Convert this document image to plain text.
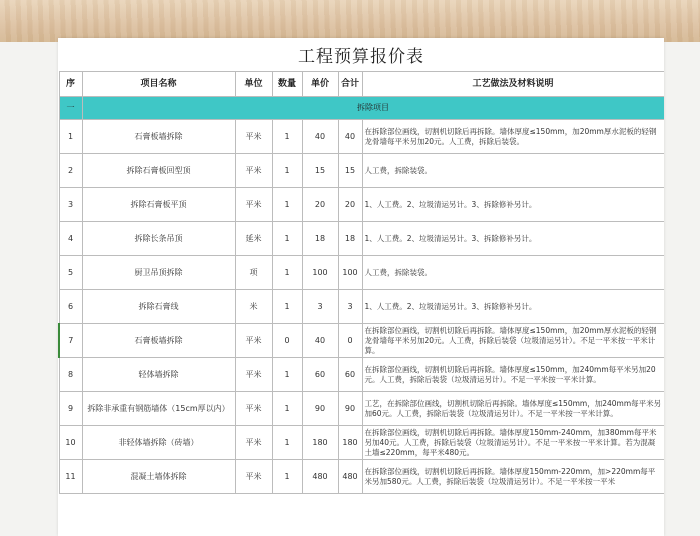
工程预算报价表
序	项目名称	单位	数量	单价	合计	工艺做法及材料说明
一	拆除项目					
1	石膏板墙拆除	平米	1	40	40	在拆除部位画线，切割机切除后再拆除。墙体厚度≤150mm，加20mm厚水泥板的轻钢龙骨墙每平米另加20元。人工费，拆除后装袋。
2	拆除石膏板回型顶	平米	1	15	15	人工费，拆除装袋。
3	拆除石膏板平顶	平米	1	20	20	1、人工费。2、垃圾清运另计。3、拆除修补另计。
4	拆除长条吊顶	延米	1	18	18	1、人工费。2、垃圾清运另计。3、拆除修补另计。
5	厨卫吊顶拆除	项	1	100	100	人工费，拆除装袋。
6	拆除石膏线	米	1	3	3	1、人工费。2、垃圾清运另计。3、拆除修补另计。
7	石膏板墙拆除	平米	0	40	0	在拆除部位画线，切割机切除后再拆除。墙体厚度≤150mm，加20mm厚水泥板的轻钢龙骨墙每平米另加20元。人工费，拆除后装袋（垃圾清运另计）。不足一平米按一平米计算。
8	轻体墙拆除	平米	1	60	60	在拆除部位画线，切割机切除后再拆除。墙体厚度≤150mm，加240mm每平米另加20元。人工费，拆除后装袋（垃圾清运另计）。不足一平米按一平米计算。
9	拆除非承重有钢筋墙体（15cm厚以内）	平米	1	90	90	工艺，在拆除部位画线，切割机切除后再拆除。墙体厚度≤150mm，加240mm每平米另加60元。人工费，拆除后装袋（垃圾清运另计）。不足一平米按一平米计算。
10	非轻体墙拆除（砖墙）	平米	1	180	180	在拆除部位画线，切割机切除后再拆除。墙体厚度150mm-240mm，加380mm每平米另加40元。人工费，拆除后装袋（垃圾清运另计）。不足一平米按一平米计算。若为混凝土墙≤220mm，每平米480元。
11	混凝土墙体拆除	平米	1	480	480	在拆除部位画线，切割机切除后再拆除。墙体厚度150mm-220mm，加>220mm每平米另加580元。人工费，拆除后装袋（垃圾清运另计）。不足一平米按一平米
